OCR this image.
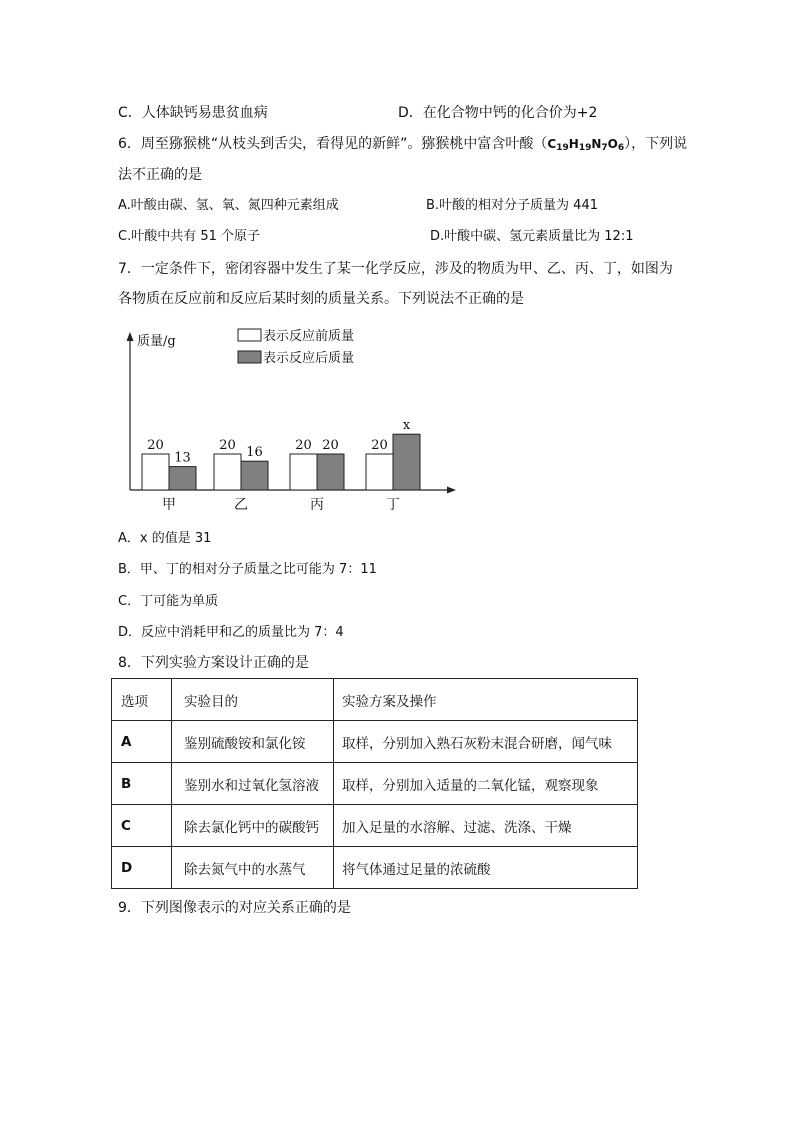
C．人体缺钙易患贫血病	D．在化合物中钙的化合价为+2
6．周至猕猴桃“从枝头到舌尖，看得见的新鲜”。猕猴桃中富含叶酸$(C_{19}H_{19}N_7O_6)$，下列说
法不正确的是
A.叶酸由碳、氢、氧、氮四种元素组成	B.叶酸的相对分子质量为 441
C.叶酸中共有 51 个原子	D.叶酸中碳、氢元素质量比为 12:1
7．一定条件下，密闭容器中发生了某一化学反应，涉及的物质为甲、乙、丙、丁，如图为
各物质在反应前和反应后某时刻的质量关系。下列说法不正确的是
质量/g	表示反应前质量
表示反应后质量
20
13
甲
20 16
乙
20 20
丙
20
x
丁
A．x 的值是 31
B．甲、丁的相对分子质量之比可能为 7：11
C．丁可能为单质
D．反应中消耗甲和乙的质量比为 7：4
8．下列实验方案设计正确的是
选项	实验目的	实验方案及操作
A	鉴别硫酸铵和氯化铵	取样，分别加入熟石灰粉末混合研磨，闻气味
B	鉴别水和过氧化氢溶液	取样，分别加入适量的二氧化锰，观察现象
C	除去氯化钙中的碳酸钙	加入足量的水溶解、过滤、洗涤、干燥
D	除去氮气中的水蒸气	将气体通过足量的浓硫酸
9．下列图像表示的对应关系正确的是
